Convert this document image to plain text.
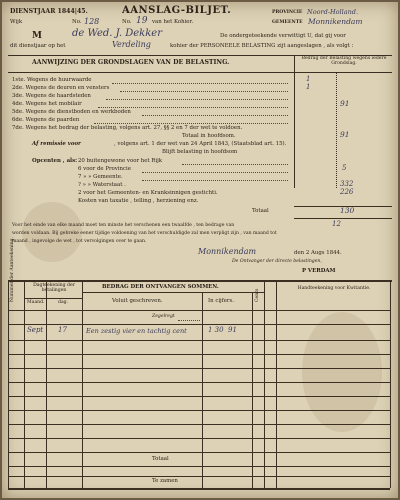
DIENSTJAAR 1844|45.	AANSLAG-BILJET.	PROVINCIE Noord-Holland.
Wijk	No. 128	No. 19 van het Kohier.	GEMEENTE Monnikendam
M	de Wed. J. Dekker	De ondergeteekende verwittigt U, dat gij voor
dit dienstjaar op het	Verdeling	kohier der PERSONEELE BELASTING zijt aangeslagen , als volgt :
AANWIJZING DER GRONDSLAGEN VAN DE BELASTING.
Bedrag der Belasting wegens iedere Grondslag.
1ste. Wegens de huurwaarde	1
2de. Wegens de deuren en vensters	1
3de. Wegens de haardsteden
4de. Wegens het mobilair	91
5de. Wegens de dienstboden en werkboden
6de. Wegens de paarden
7de. Wegens het bedrag der belasting, volgens art. 27, §§ 2 en 7 der wet te voldoen.
Totaal in hoofdsom.	91
Af remissie voor	, volgens art. 1 der wet van 24 April 1843, (Staatsblad art. 15).
Blijft belasting in hoofdsom
Opcenten , als: 20 buitengewone voor het Rijk
6 voor de Provincie	5
7 » » Gemeente.
? » » Waterstaat .	332
2 voor het Gemeenten- en Kranksinnigen gestichti.	226
Kosten van taxatie , telling , herziening enz.
Totaal	130
Voor het einde van elke maand moet ten minste het verschenen een twaalfde , ten bedrage van	12
worden voldaan. Bij gebreke eener tijdige voldoening van het verschuldigde zal men verpligt zijn , van maand tot
maand , ingevolge de wet , tot vervolgingen over te gaan.
Monnikendam	den 2 Augs 1844.
De Ontvanger der directe belastingen,
P VERDAM
Nummer der Aanteekening.	Dagteekening der betalingen
Maand.	dag.
BEDRAG DER ONTVANGEN SOMMEN.
Voluit geschreven.	In cijfers.	Cents
Handteekening voor Kwitantie.
Zegelregt
Sept 17	Een zestig vier en tachtig cent	1 30 91
Totaal
Te zamen
